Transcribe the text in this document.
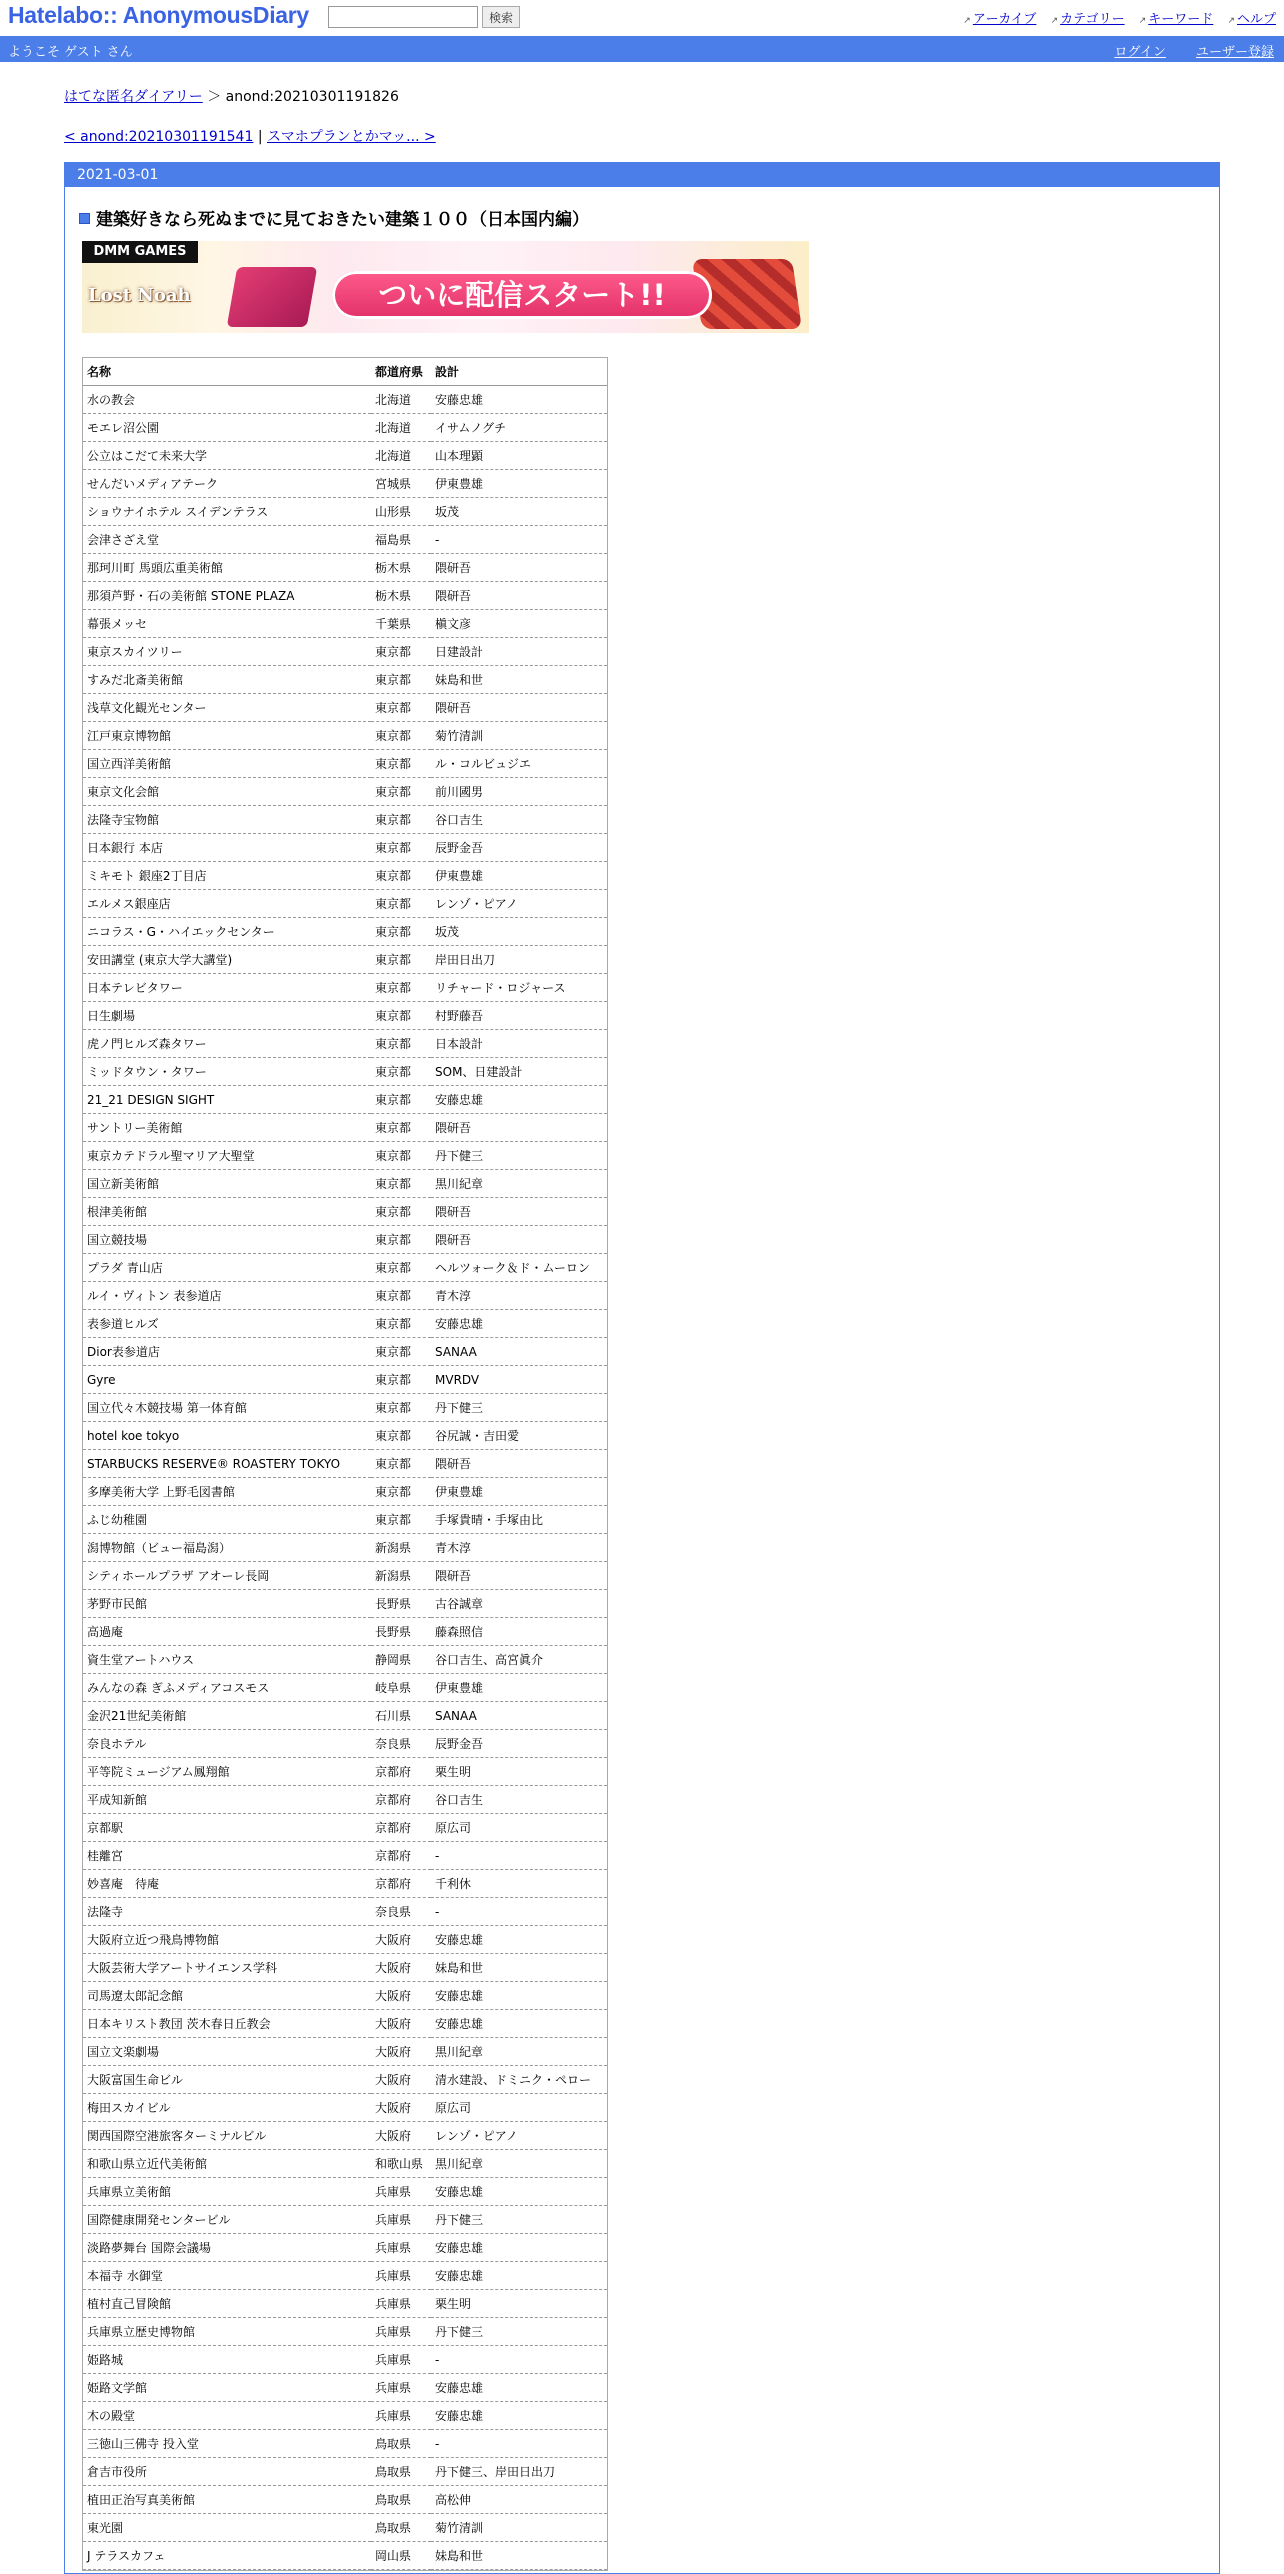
Hatelabo:: AnonymousDiary	検索	↗ アーカイブ ↗ カテゴリー ↗ キーワード ↗ ヘルプ
ようこそ ゲスト さん	ログイン ユーザー登録
はてな匿名ダイアリー ＞ anond:20210301191826
< anond:20210301191541 | スマホプランとかマッ... >
2021-03-01
建築好きなら死ぬまでに見ておきたい建築１００（日本国内編）
DMM GAMES
Lost Noah	ついに配信スタート!!
名称	都道府県	設計
水の教会	北海道	安藤忠雄
モエレ沼公園	北海道	イサムノグチ
公立はこだて未来大学	北海道	山本理顕
せんだいメディアテーク	宮城県	伊東豊雄
ショウナイホテル スイデンテラス	山形県	坂茂
会津さざえ堂	福島県	-
那珂川町 馬頭広重美術館	栃木県	隈研吾
那須芦野・石の美術館 STONE PLAZA	栃木県	隈研吾
幕張メッセ	千葉県	槇文彦
東京スカイツリー	東京都	日建設計
すみだ北斎美術館	東京都	妹島和世
浅草文化観光センター	東京都	隈研吾
江戸東京博物館	東京都	菊竹清訓
国立西洋美術館	東京都	ル・コルビュジエ
東京文化会館	東京都	前川國男
法隆寺宝物館	東京都	谷口吉生
日本銀行 本店	東京都	辰野金吾
ミキモト 銀座2丁目店	東京都	伊東豊雄
エルメス銀座店	東京都	レンゾ・ピアノ
ニコラス・G・ハイエックセンター	東京都	坂茂
安田講堂 (東京大学大講堂)	東京都	岸田日出刀
日本テレビタワー	東京都	リチャード・ロジャース
日生劇場	東京都	村野藤吾
虎ノ門ヒルズ森タワー	東京都	日本設計
ミッドタウン・タワー	東京都	SOM、日建設計
21_21 DESIGN SIGHT	東京都	安藤忠雄
サントリー美術館	東京都	隈研吾
東京カテドラル聖マリア大聖堂	東京都	丹下健三
国立新美術館	東京都	黒川紀章
根津美術館	東京都	隈研吾
国立競技場	東京都	隈研吾
プラダ 青山店	東京都	ヘルツォーク＆ド・ムーロン
ルイ・ヴィトン 表参道店	東京都	青木淳
表参道ヒルズ	東京都	安藤忠雄
Dior表参道店	東京都	SANAA
Gyre	東京都	MVRDV
国立代々木競技場 第一体育館	東京都	丹下健三
hotel koe tokyo	東京都	谷尻誠・吉田愛
STARBUCKS RESERVE® ROASTERY TOKYO	東京都	隈研吾
多摩美術大学 上野毛図書館	東京都	伊東豊雄
ふじ幼稚園	東京都	手塚貴晴・手塚由比
潟博物館（ビュー福島潟）	新潟県	青木淳
シティホールプラザ アオーレ長岡	新潟県	隈研吾
茅野市民館	長野県	古谷誠章
高過庵	長野県	藤森照信
資生堂アートハウス	静岡県	谷口吉生、高宮眞介
みんなの森 ぎふメディアコスモス	岐阜県	伊東豊雄
金沢21世紀美術館	石川県	SANAA
奈良ホテル	奈良県	辰野金吾
平等院ミュージアム鳳翔館	京都府	栗生明
平成知新館	京都府	谷口吉生
京都駅	京都府	原広司
桂離宮	京都府	-
妙喜庵　待庵	京都府	千利休
法隆寺	奈良県	-
大阪府立近つ飛鳥博物館	大阪府	安藤忠雄
大阪芸術大学アートサイエンス学科	大阪府	妹島和世
司馬遼太郎記念館	大阪府	安藤忠雄
日本キリスト教団 茨木春日丘教会	大阪府	安藤忠雄
国立文楽劇場	大阪府	黒川紀章
大阪富国生命ビル	大阪府	清水建設、ドミニク・ペロー
梅田スカイビル	大阪府	原広司
関西国際空港旅客ターミナルビル	大阪府	レンゾ・ピアノ
和歌山県立近代美術館	和歌山県	黒川紀章
兵庫県立美術館	兵庫県	安藤忠雄
国際健康開発センタービル	兵庫県	丹下健三
淡路夢舞台 国際会議場	兵庫県	安藤忠雄
本福寺 水御堂	兵庫県	安藤忠雄
植村直己冒険館	兵庫県	栗生明
兵庫県立歴史博物館	兵庫県	丹下健三
姫路城	兵庫県	-
姫路文学館	兵庫県	安藤忠雄
木の殿堂	兵庫県	安藤忠雄
三徳山三佛寺 投入堂	鳥取県	-
倉吉市役所	鳥取県	丹下健三、岸田日出刀
植田正治写真美術館	鳥取県	高松伸
東光園	鳥取県	菊竹清訓
J テラスカフェ	岡山県	妹島和世
